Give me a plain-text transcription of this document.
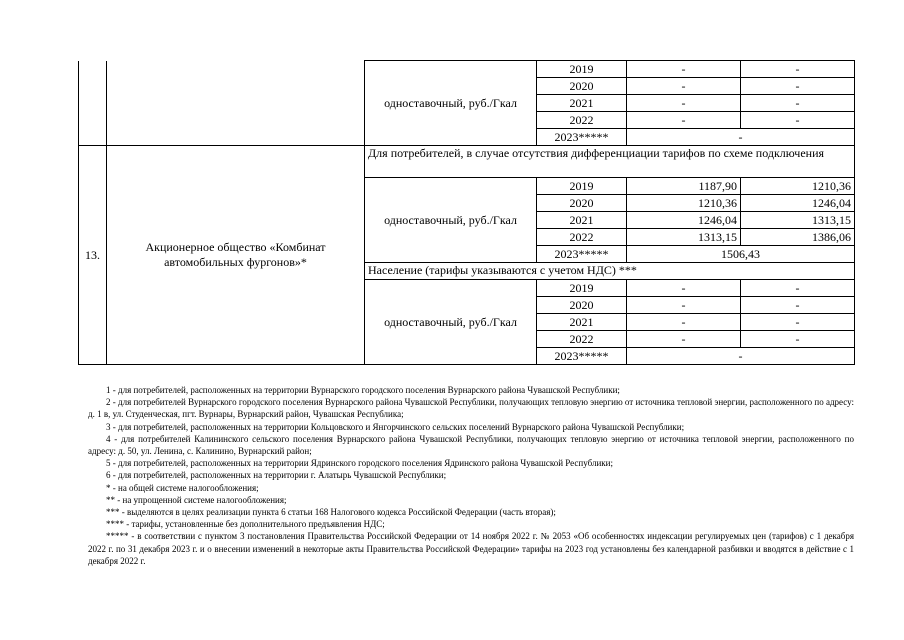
		одноставочный, руб./Гкал	2019	-	-
			2020	-	-
			2021	-	-
			2022	-	-
			2023*****	-	
13.	Акционерное общество «Комбинат автомобильных фургонов»*	Для потребителей, в случае отсутствия дифференциации тарифов по схеме подключения			
		одноставочный, руб./Гкал	2019	1187,90	1210,36
			2020	1210,36	1246,04
			2021	1246,04	1313,15
			2022	1313,15	1386,06
			2023*****	1506,43	
		Население (тарифы указываются с учетом НДС) ***			
		одноставочный, руб./Гкал	2019	-	-
			2020	-	-
			2021	-	-
			2022	-	-
			2023*****	-	

1 - для потребителей, расположенных на территории Вурнарского городского поселения Вурнарского района Чувашской Республики;

2 - для потребителей Вурнарского городского поселения Вурнарского района Чувашской Республики, получающих тепловую энергию от источника тепловой энергии, расположенного по адресу: д. 1 в, ул. Студенческая, пгт. Вурнары, Вурнарский район, Чувашская Республика;

3 - для потребителей, расположенных на территории Кольцовского и Янгорчинского сельских поселений Вурнарского района Чувашской Республики;

4 - для потребителей Калининского сельского поселения Вурнарского района Чувашской Республики, получающих тепловую энергию от источника тепловой энергии, расположенного по адресу: д. 50, ул. Ленина, с. Калинино, Вурнарский район;

5 - для потребителей, расположенных на территории Ядринского городского поселения Ядринского района Чувашской Республики;

6 - для потребителей, расположенных на территории г. Алатырь Чувашской Республики;

* - на общей системе налогообложения;

** - на упрощенной системе налогообложения;

*** - выделяются в целях реализации пункта 6 статьи 168 Налогового кодекса Российской Федерации (часть вторая);

**** - тарифы, установленные без дополнительного предъявления НДС;

***** - в соответствии с пунктом 3 постановления Правительства Российской Федерации от 14 ноября 2022 г. № 2053 «Об особенностях индексации регулируемых цен (тарифов) с 1 декабря 2022 г. по 31 декабря 2023 г. и о внесении изменений в некоторые акты Правительства Российской Федерации» тарифы на 2023 год установлены без календарной разбивки и вводятся в действие с 1 декабря 2022 г.
